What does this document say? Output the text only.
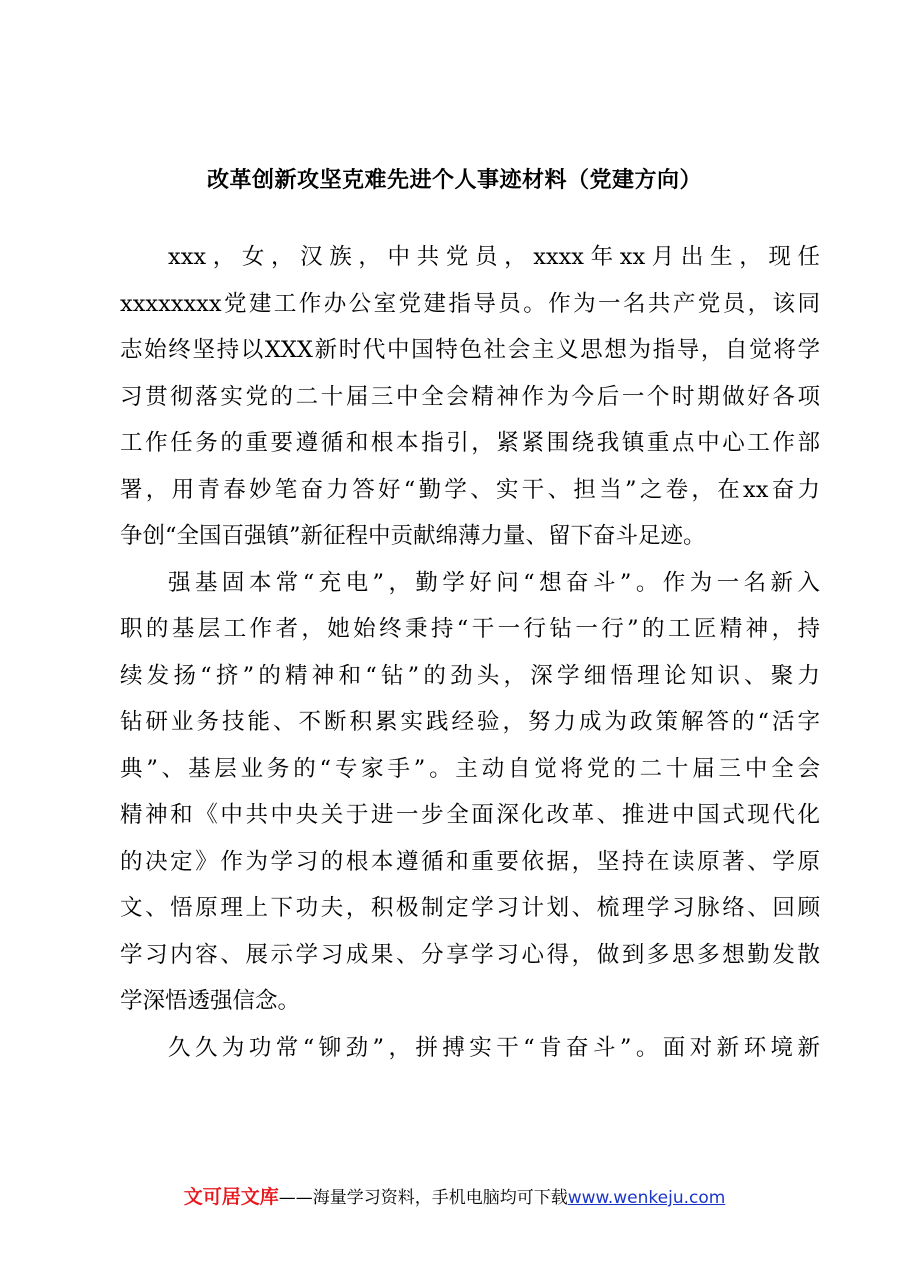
改革创新攻坚克难先进个人事迹材料（党建方向）
xxx，女，汉族，中共党员，xxxx年xx月出生，现任
xxxxxxxx党建工作办公室党建指导员。作为一名共产党员，该同
志始终坚持以XXX新时代中国特色社会主义思想为指导，自觉将学
习贯彻落实党的二十届三中全会精神作为今后一个时期做好各项
工作任务的重要遵循和根本指引，紧紧围绕我镇重点中心工作部
署，用青春妙笔奋力答好“勤学、实干、担当”之卷，在xx奋力
争创“全国百强镇”新征程中贡献绵薄力量、留下奋斗足迹。
强基固本常“充电”，勤学好问“想奋斗”。作为一名新入
职的基层工作者，她始终秉持“干一行钻一行”的工匠精神，持
续发扬“挤”的精神和“钻”的劲头，深学细悟理论知识、聚力
钻研业务技能、不断积累实践经验，努力成为政策解答的“活字
典”、基层业务的“专家手”。主动自觉将党的二十届三中全会
精神和《中共中央关于进一步全面深化改革、推进中国式现代化
的决定》作为学习的根本遵循和重要依据，坚持在读原著、学原
文、悟原理上下功夫，积极制定学习计划、梳理学习脉络、回顾
学习内容、展示学习成果、分享学习心得，做到多思多想勤发散
学深悟透强信念。
久久为功常“铆劲”，拼搏实干“肯奋斗”。面对新环境新
文可居文库——海量学习资料，手机电脑均可下载www.wenkeju.com
